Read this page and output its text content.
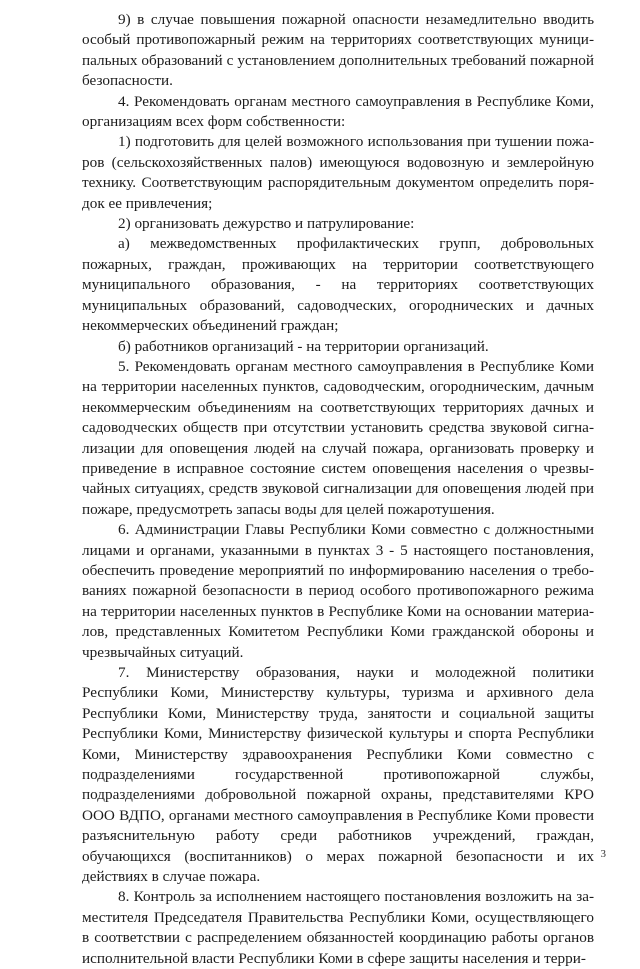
9) в случае повышения пожарной опасности незамедлительно вводить особый противопожарный режим на территориях соответствующих муниципальных образований с установлением дополнительных требований пожарной безопасности.

4. Рекомендовать органам местного самоуправления в Республике Коми, организациям всех форм собственности:

1) подготовить для целей возможного использования при тушении пожаров (сельскохозяйственных палов) имеющуюся водовозную и землеройную технику. Соответствующим распорядительным документом определить порядок ее привлечения;

2) организовать дежурство и патрулирование:

а) межведомственных профилактических групп, добровольных пожарных, граждан, проживающих на территории соответствующего муниципального образования, - на территориях соответствующих муниципальных образований, садоводческих, огороднических и дачных некоммерческих объединений граждан;

б) работников организаций - на территории организаций.

5. Рекомендовать органам местного самоуправления в Республике Коми на территории населенных пунктов, садоводческим, огородническим, дачным некоммерческим объединениям на соответствующих территориях дачных и садоводческих обществ при отсутствии установить средства звуковой сигнализации для оповещения людей на случай пожара, организовать проверку и приведение в исправное состояние систем оповещения населения о чрезвычайных ситуациях, средств звуковой сигнализации для оповещения людей при пожаре, предусмотреть запасы воды для целей пожаротушения.

6. Администрации Главы Республики Коми совместно с должностными лицами и органами, указанными в пунктах 3 - 5 настоящего постановления, обеспечить проведение мероприятий по информированию населения о требованиях пожарной безопасности в период особого противопожарного режима на территории населенных пунктов в Республике Коми на основании материалов, представленных Комитетом Республики Коми гражданской обороны и чрезвычайных ситуаций.

7. Министерству образования, науки и молодежной политики Республики Коми, Министерству культуры, туризма и архивного дела Республики Коми, Министерству труда, занятости и социальной защиты Республики Коми, Министерству физической культуры и спорта Республики Коми, Министерству здравоохранения Республики Коми совместно с подразделениями государственной противопожарной службы, подразделениями добровольной пожарной охраны, представителями КРО ООО ВДПО, органами местного самоуправления в Республике Коми провести разъяснительную работу среди работников учреждений, граждан, обучающихся (воспитанников) о мерах пожарной безопасности и их действиях в случае пожара.

8. Контроль за исполнением настоящего постановления возложить на заместителя Председателя Правительства Республики Коми, осуществляющего в соответствии с распределением обязанностей координацию работы органов исполнительной власти Республики Коми в сфере защиты населения и терри-

3
